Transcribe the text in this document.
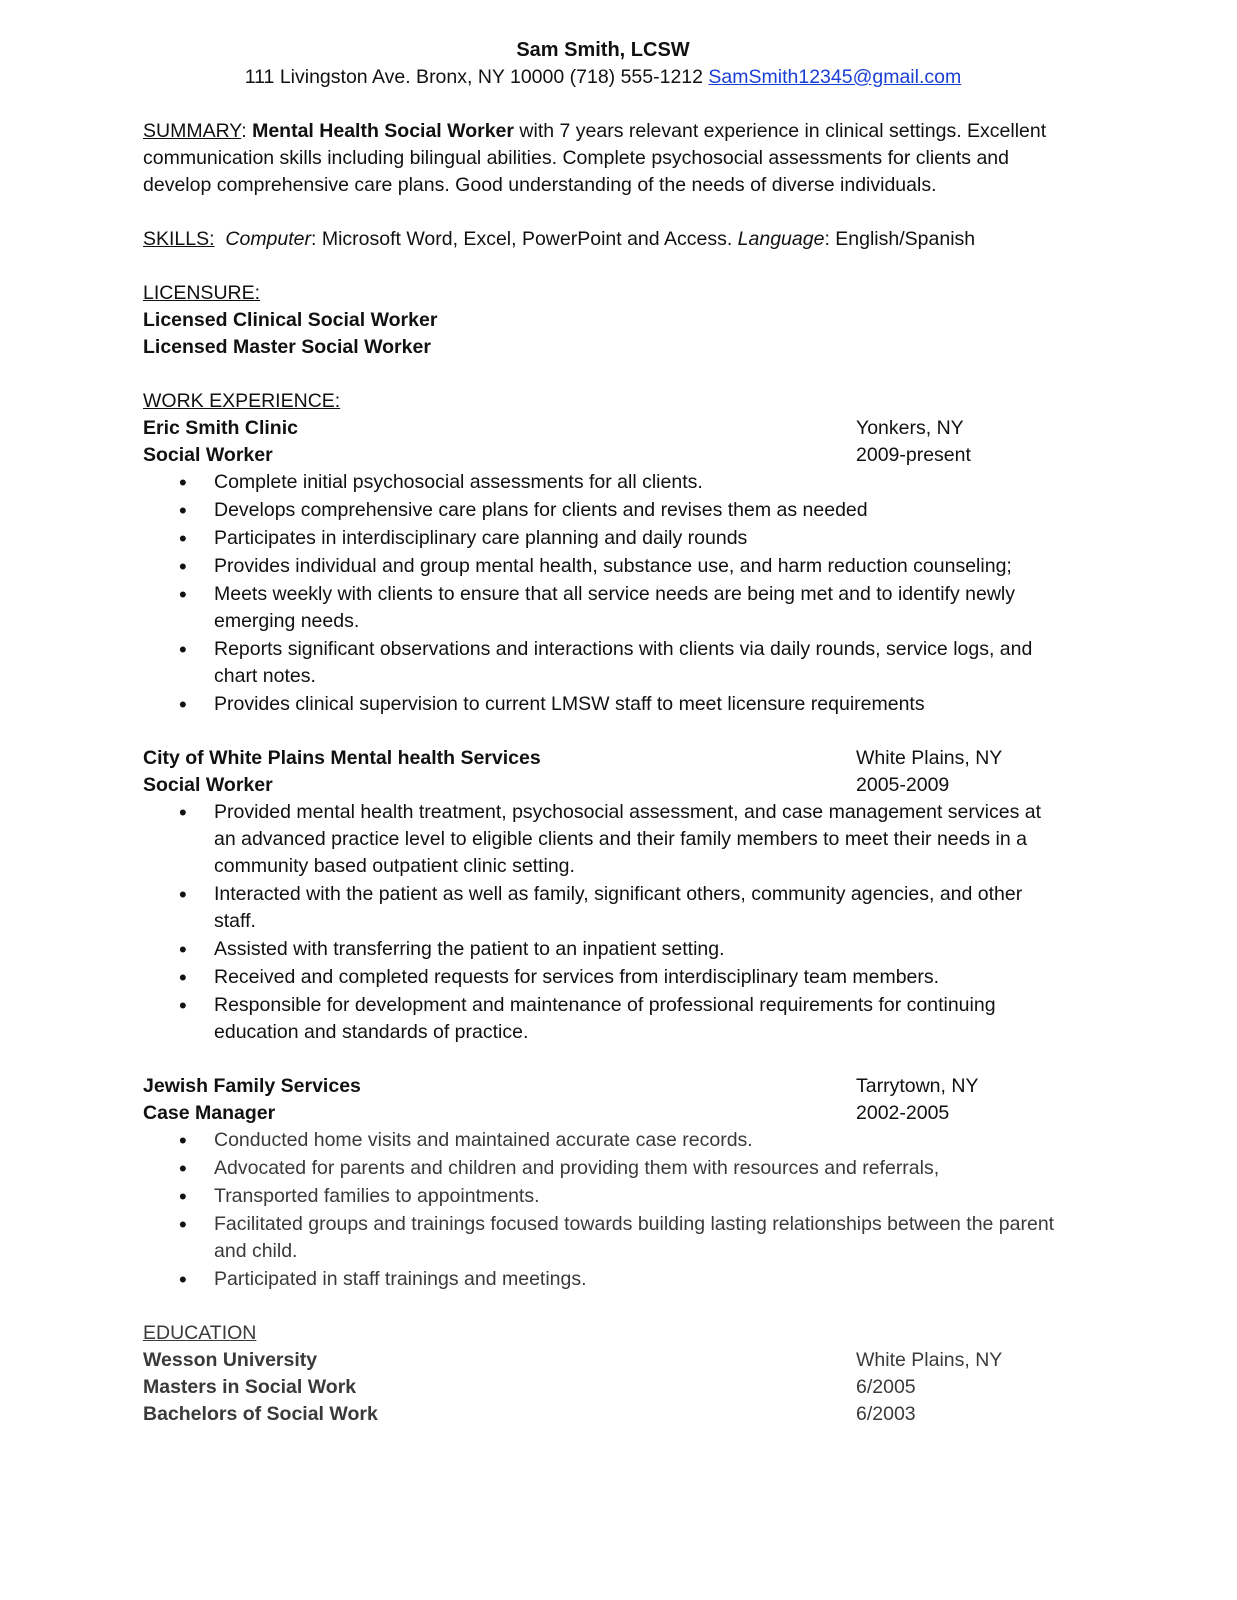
Sam Smith, LCSW
111 Livingston Ave. Bronx, NY 10000 (718) 555-1212 SamSmith12345@gmail.com
SUMMARY: Mental Health Social Worker with 7 years relevant experience in clinical settings. Excellent communication skills including bilingual abilities. Complete psychosocial assessments for clients and develop comprehensive care plans. Good understanding of the needs of diverse individuals.
SKILLS: Computer: Microsoft Word, Excel, PowerPoint and Access. Language: English/Spanish
LICENSURE:
Licensed Clinical Social Worker
Licensed Master Social Worker
WORK EXPERIENCE:
Eric Smith Clinic	Yonkers, NY
Social Worker	2009-present
• Complete initial psychosocial assessments for all clients.
• Develops comprehensive care plans for clients and revises them as needed
• Participates in interdisciplinary care planning and daily rounds
• Provides individual and group mental health, substance use, and harm reduction counseling;
• Meets weekly with clients to ensure that all service needs are being met and to identify newly emerging needs.
• Reports significant observations and interactions with clients via daily rounds, service logs, and chart notes.
• Provides clinical supervision to current LMSW staff to meet licensure requirements
City of White Plains Mental health Services	White Plains, NY
Social Worker	2005-2009
• Provided mental health treatment, psychosocial assessment, and case management services at an advanced practice level to eligible clients and their family members to meet their needs in a community based outpatient clinic setting.
• Interacted with the patient as well as family, significant others, community agencies, and other staff.
• Assisted with transferring the patient to an inpatient setting.
• Received and completed requests for services from interdisciplinary team members.
• Responsible for development and maintenance of professional requirements for continuing education and standards of practice.
Jewish Family Services	Tarrytown, NY
Case Manager	2002-2005
• Conducted home visits and maintained accurate case records.
• Advocated for parents and children and providing them with resources and referrals,
• Transported families to appointments.
• Facilitated groups and trainings focused towards building lasting relationships between the parent and child.
• Participated in staff trainings and meetings.
EDUCATION
Wesson University	White Plains, NY
Masters in Social Work	6/2005
Bachelors of Social Work	6/2003
